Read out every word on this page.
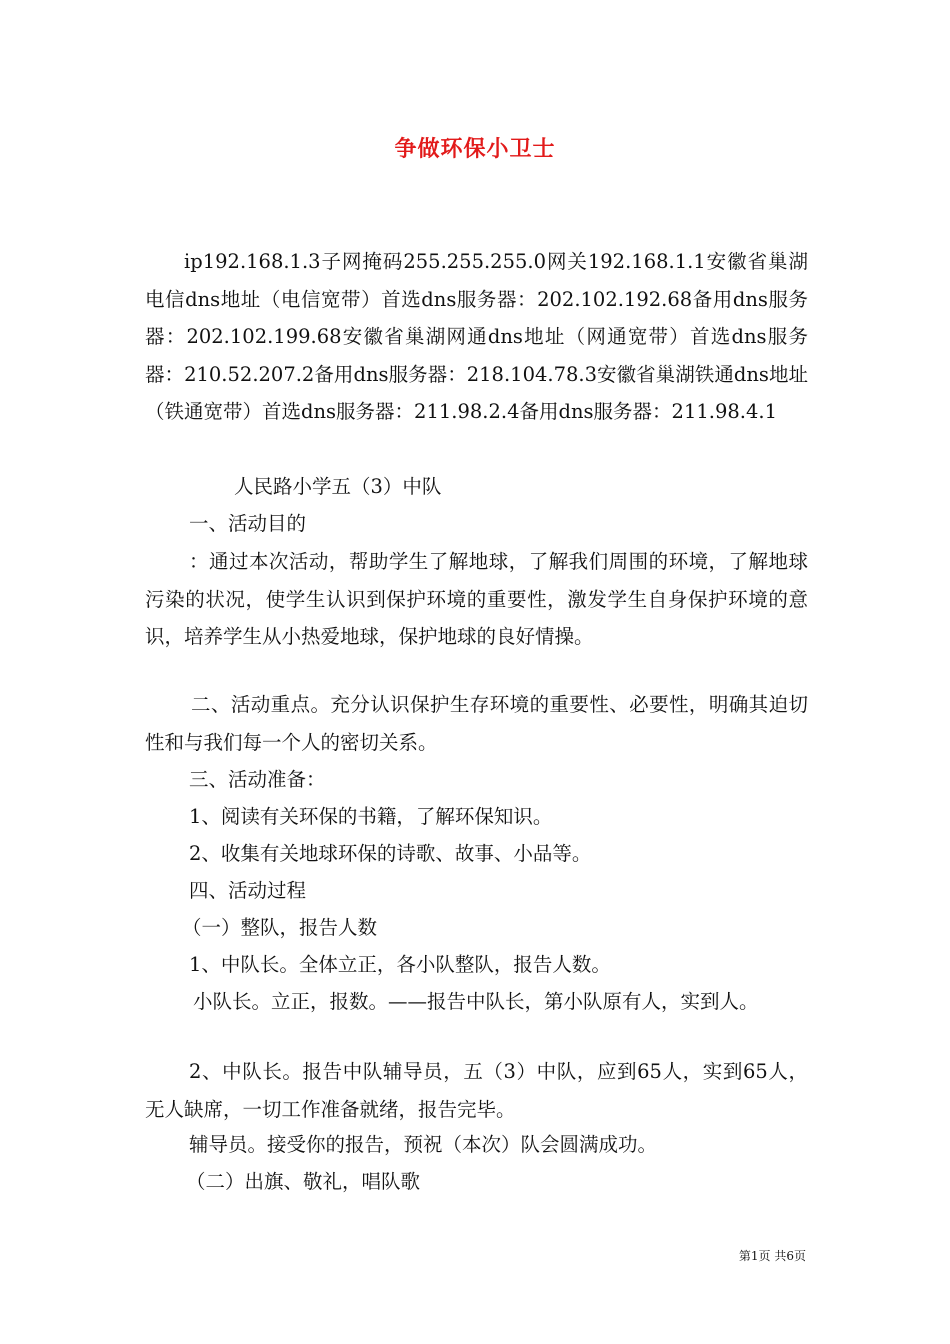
争做环保小卫士
ip192.168.1.3子网掩码255.255.255.0网关192.168.1.1安徽省巢湖电信dns地址（电信宽带）首选dns服务器：202.102.192.68备用dns服务器：202.102.199.68安徽省巢湖网通dns地址（网通宽带）首选dns服务器：210.52.207.2备用dns服务器：218.104.78.3安徽省巢湖铁通dns地址（铁通宽带）首选dns服务器：211.98.2.4备用dns服务器：211.98.4.1
人民路小学五（3）中队
一、活动目的
：通过本次活动，帮助学生了解地球，了解我们周围的环境，了解地球污染的状况，使学生认识到保护环境的重要性，激发学生自身保护环境的意识，培养学生从小热爱地球，保护地球的良好情操。
二、活动重点。充分认识保护生存环境的重要性、必要性，明确其迫切性和与我们每一个人的密切关系。
三、活动准备：
1、阅读有关环保的书籍，了解环保知识。
2、收集有关地球环保的诗歌、故事、小品等。
四、活动过程
（一）整队，报告人数
1、中队长。全体立正，各小队整队，报告人数。
小队长。立正，报数。——报告中队长，第小队原有人，实到人。
2、中队长。报告中队辅导员，五（3）中队，应到65人，实到65人，无人缺席，一切工作准备就绪，报告完毕。
辅导员。接受你的报告，预祝（本次）队会圆满成功。
（二）出旗、敬礼，唱队歌
第1页 共6页
